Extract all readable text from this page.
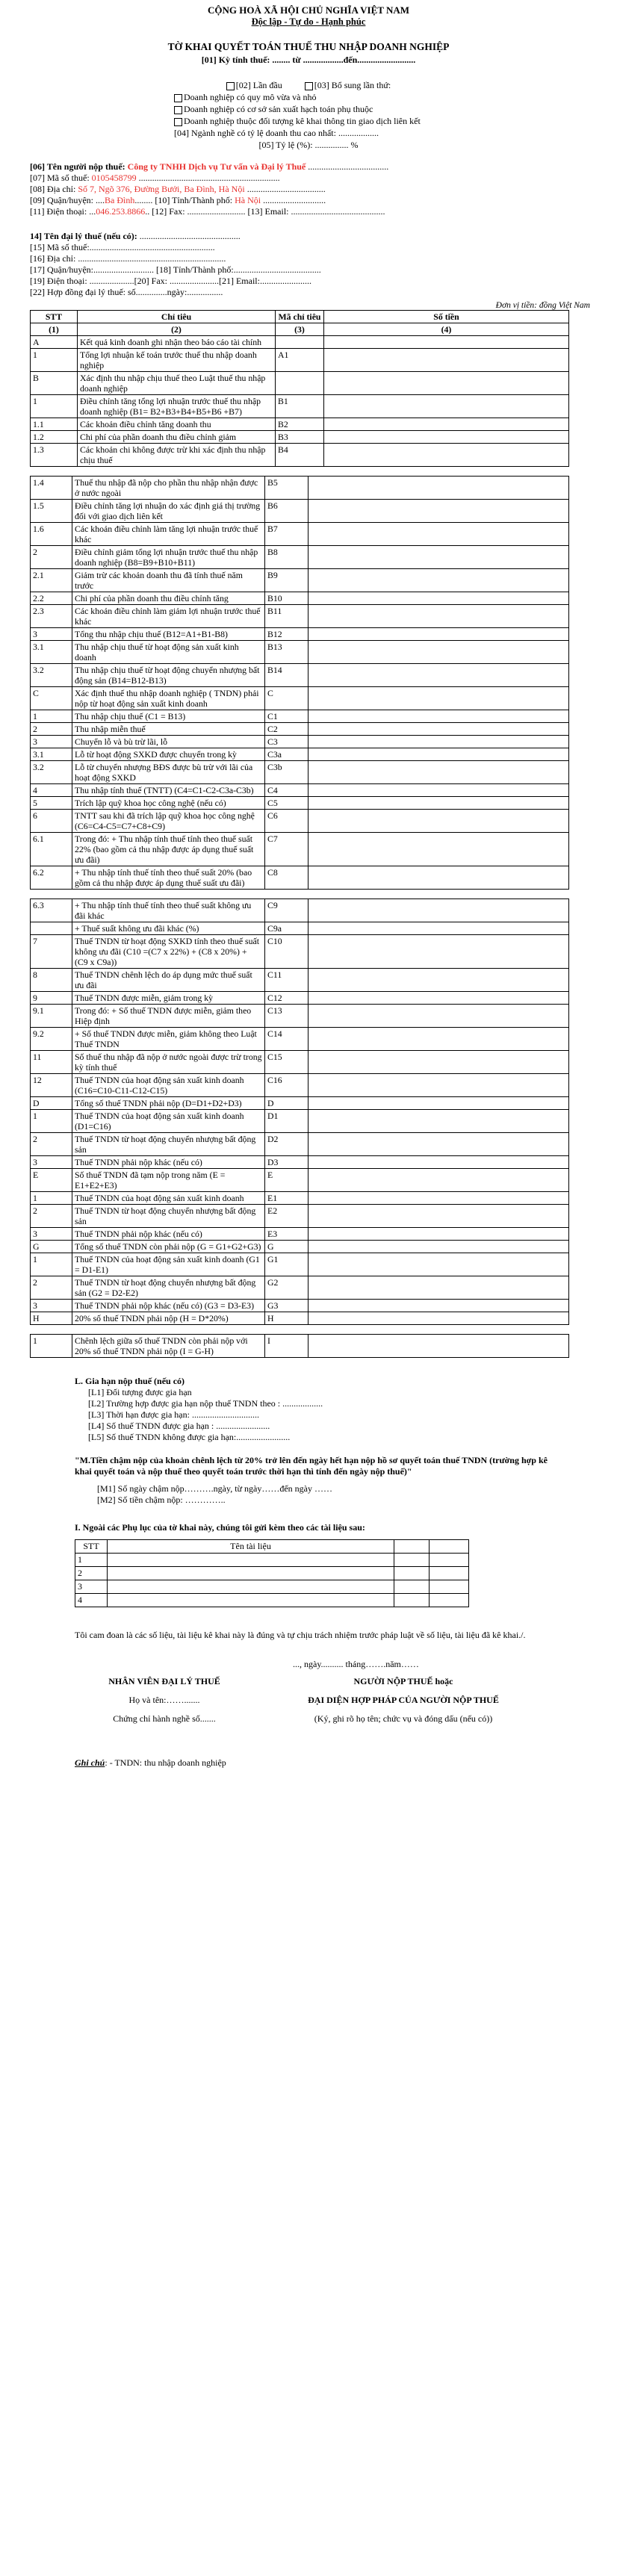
CỘNG HOÀ XÃ HỘI CHỦ NGHĨA VIỆT NAM
Độc lập - Tự do - Hạnh phúc
TỜ KHAI QUYẾT TOÁN THUẾ THU NHẬP DOANH NGHIỆP
[01] Kỳ tính thuế: ........ từ ..................đến..........................
[02] Lần đầu	[03] Bổ sung lần thứ:
Doanh nghiệp có quy mô vừa và nhỏ
Doanh nghiệp có cơ sở sản xuất hạch toán phụ thuộc
Doanh nghiệp thuộc đối tượng kê khai thông tin giao dịch liên kết
[04] Ngành nghề có tỷ lệ doanh thu cao nhất: ..................
[05] Tỷ lệ (%): ............... %
[06] Tên người nộp thuế: Công ty TNHH Dịch vụ Tư vấn và Đại lý Thuế ....................................
[07] Mã số thuế: 0105458799 ...............................................................
[08] Địa chỉ: Số 7, Ngõ 376, Đường Bưởi, Ba Đình, Hà Nội ...................................
[09] Quận/huyện: ....Ba Đình........ [10] Tỉnh/Thành phố: Hà Nội ............................
[11] Điện thoại: ...046.253.8866.. [12] Fax: .......................... [13] Email: ..........................................
14] Tên đại lý thuế (nếu có): .............................................
[15] Mã số thuế:........................................................
[16] Địa chỉ: ..................................................................
[17] Quận/huyện:........................... [18] Tỉnh/Thành phố:.......................................
[19] Điện thoại: ....................[20] Fax: ......................[21] Email:.......................
[22] Hợp đồng đại lý thuế: số..............ngày:................
Đơn vị tiền: đồng Việt Nam
STT	Chỉ tiêu	Mã chỉ tiêu	Số tiền
(1)	(2)	(3)	(4)
A	Kết quả kinh doanh ghi nhận theo báo cáo tài chính		
1	Tổng lợi nhuận kế toán trước thuế thu nhập doanh nghiệp	A1	
B	Xác định thu nhập chịu thuế theo Luật thuế thu nhập doanh nghiệp		
1	Điều chỉnh tăng tổng lợi nhuận trước thuế thu nhập doanh nghiệp (B1= B2+B3+B4+B5+B6 +B7)	B1	
1.1	Các khoản điều chỉnh tăng doanh thu	B2	
1.2	Chi phí của phần doanh thu điều chỉnh giảm	B3	
1.3	Các khoản chi không được trừ khi xác định thu nhập chịu thuế	B4	
1.4	Thuế thu nhập đã nộp cho phần thu nhập nhận được ở nước ngoài	B5	
1.5	Điều chỉnh tăng lợi nhuận do xác định giá thị trường đối với giao dịch liên kết	B6	
1.6	Các khoản điều chỉnh làm tăng lợi nhuận trước thuế khác	B7	
2	Điều chỉnh giảm tổng lợi nhuận trước thuế thu nhập doanh nghiệp (B8=B9+B10+B11)	B8	
2.1	Giảm trừ các khoản doanh thu đã tính thuế năm trước	B9	
2.2	Chi phí của phần doanh thu điều chỉnh tăng	B10	
2.3	Các khoản điều chỉnh làm giảm lợi nhuận trước thuế khác	B11	
3	Tổng thu nhập chịu thuế (B12=A1+B1-B8)	B12	
3.1	Thu nhập chịu thuế từ hoạt động sản xuất kinh doanh	B13	
3.2	Thu nhập chịu thuế từ hoạt động chuyển nhượng bất động sản (B14=B12-B13)	B14	
C	Xác định thuế thu nhập doanh nghiệp ( TNDN) phải nộp từ hoạt động sản xuất kinh doanh	C	
1	Thu nhập chịu thuế (C1 = B13)	C1	
2	Thu nhập miễn thuế	C2	
3	Chuyển lỗ và bù trừ lãi, lỗ	C3	
3.1	Lỗ từ hoạt động SXKD được chuyển trong kỳ	C3a	
3.2	Lỗ từ chuyển nhượng BĐS được bù trừ với lãi của hoạt động SXKD	C3b	
4	Thu nhập tính thuế (TNTT) (C4=C1-C2-C3a-C3b)	C4	
5	Trích lập quỹ khoa học công nghệ (nếu có)	C5	
6	TNTT sau khi đã trích lập quỹ khoa học công nghệ (C6=C4-C5=C7+C8+C9)	C6	
6.1	Trong đó: + Thu nhập tính thuế tính theo thuế suất 22% (bao gồm cả thu nhập được áp dụng thuế suất ưu đãi)	C7	
6.2	+ Thu nhập tính thuế tính theo thuế suất 20% (bao gồm cả thu nhập được áp dụng thuế suất ưu đãi)	C8	
6.3	+ Thu nhập tính thuế tính theo thuế suất không ưu đãi khác	C9	
	+ Thuế suất không ưu đãi khác (%)	C9a	
7	Thuế TNDN từ hoạt động SXKD tính theo thuế suất không ưu đãi (C10 =(C7 x 22%) + (C8 x 20%) + (C9 x C9a))	C10	
8	Thuế TNDN chênh lệch do áp dụng mức thuế suất ưu đãi	C11	
9	Thuế TNDN được miễn, giảm trong kỳ	C12	
9.1	Trong đó: + Số thuế TNDN được miễn, giảm theo Hiệp định	C13	
9.2	+ Số thuế TNDN được miễn, giảm không theo Luật Thuế TNDN	C14	
11	Số thuế thu nhập đã nộp ở nước ngoài được trừ trong kỳ tính thuế	C15	
12	Thuế TNDN của hoạt động sản xuất kinh doanh (C16=C10-C11-C12-C15)	C16	
D	Tổng số thuế TNDN phải nộp (D=D1+D2+D3)	D	
1	Thuế TNDN của hoạt động sản xuất kinh doanh (D1=C16)	D1	
2	Thuế TNDN từ hoạt động chuyển nhượng bất động sản	D2	
3	Thuế TNDN phải nộp khác (nếu có)	D3	
E	Số thuế TNDN đã tạm nộp trong năm (E = E1+E2+E3)	E	
1	Thuế TNDN của hoạt động sản xuất kinh doanh	E1	
2	Thuế TNDN từ hoạt động chuyển nhượng bất động sản	E2	
3	Thuế TNDN phải nộp khác (nếu có)	E3	
G	Tổng số thuế TNDN còn phải nộp (G = G1+G2+G3)	G	
1	Thuế TNDN của hoạt động sản xuất kinh doanh (G1 = D1-E1)	G1	
2	Thuế TNDN từ hoạt động chuyển nhượng bất động sản (G2 = D2-E2)	G2	
3	Thuế TNDN phải nộp khác (nếu có) (G3 = D3-E3)	G3	
H	20% số thuế TNDN phải nộp (H = D*20%)	H	
1	Chênh lệch giữa số thuế TNDN còn phải nộp với 20% số thuế TNDN phải nộp (I = G-H)	I	
L. Gia hạn nộp thuế (nếu có)
[L1] Đối tượng được gia hạn
[L2] Trường hợp được gia hạn nộp thuế TNDN theo : ..................
[L3] Thời hạn được gia hạn: ..............................
[L4] Số thuế TNDN được gia hạn : ........................
[L5] Số thuế TNDN không được gia hạn:........................
"M.Tiền chậm nộp của khoản chênh lệch từ 20% trở lên đến ngày hết hạn nộp hồ sơ quyết toán thuế TNDN (trường hợp kê khai quyết toán và nộp thuế theo quyết toán trước thời hạn thì tính đến ngày nộp thuế)"
[M1] Số ngày chậm nộp……….ngày, từ ngày……đến ngày ……
[M2] Số tiền chậm nộp: …………..
I. Ngoài các Phụ lục của tờ khai này, chúng tôi gửi kèm theo các tài liệu sau:
STT	Tên tài liệu		
1			
2			
3			
4			
Tôi cam đoan là các số liệu, tài liệu kê khai này là đúng và tự chịu trách nhiệm trước pháp luật về số liệu, tài liệu đã kê khai./.
..., ngày.......... tháng…….năm……
NHÂN VIÊN ĐẠI LÝ THUẾ
Họ và tên:…….......
Chứng chỉ hành nghề số.......
NGƯỜI NỘP THUẾ hoặc
ĐẠI DIỆN HỢP PHÁP CỦA NGƯỜI NỘP THUẾ
(Ký, ghi rõ họ tên; chức vụ và đóng dấu (nếu có))
Ghi chú: - TNDN: thu nhập doanh nghiệp
